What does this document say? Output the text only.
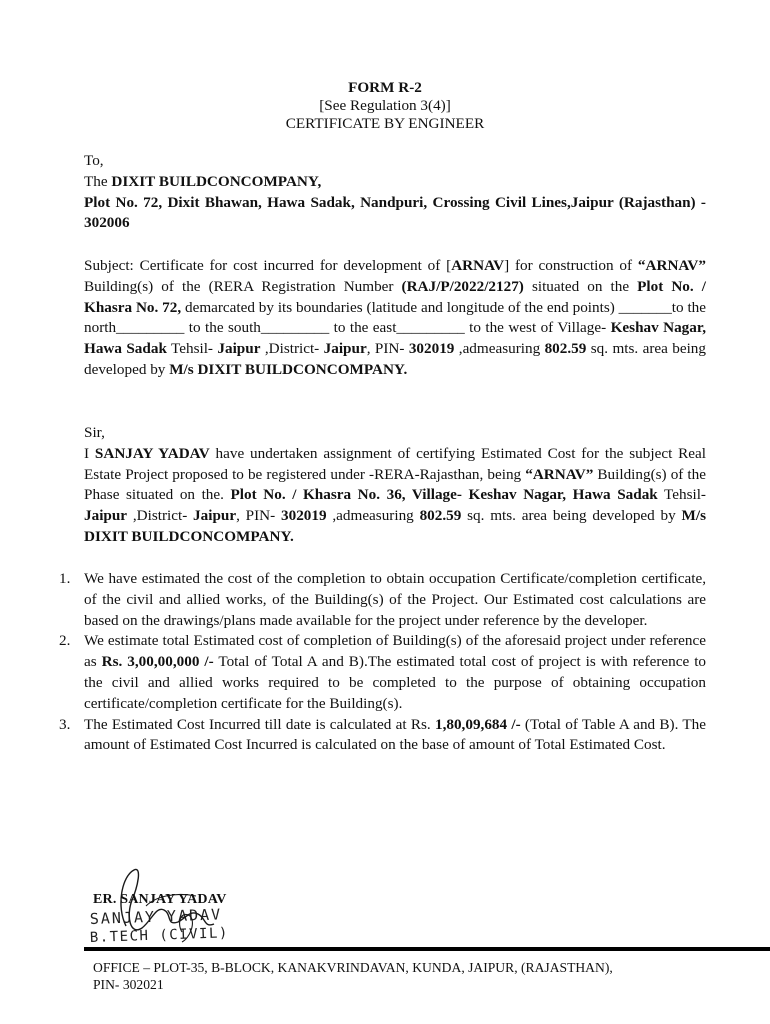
FORM R-2
[See Regulation 3(4)]
CERTIFICATE BY ENGINEER

To,

The DIXIT BUILDCONCOMPANY,

Plot No. 72, Dixit Bhawan, Hawa Sadak, Nandpuri, Crossing Civil Lines,Jaipur (Rajasthan) - 302006

Subject: Certificate for cost incurred for development of [ARNAV] for construction of “ARNAV” Building(s) of the (RERA Registration Number (RAJ/P/2022/2127) situated on the Plot No. / Khasra No. 72, demarcated by its boundaries (latitude and longitude of the end points) _______to the north_________ to the south_________ to the east_________ to the west of Village- Keshav Nagar, Hawa Sadak Tehsil- Jaipur ,District- Jaipur, PIN- 302019 ,admeasuring 802.59 sq. mts. area being developed by M/s DIXIT BUILDCONCOMPANY.

Sir,

I SANJAY YADAV have undertaken assignment of certifying Estimated Cost for the subject Real Estate Project proposed to be registered under -RERA-Rajasthan, being “ARNAV” Building(s) of the Phase situated on the. Plot No. / Khasra No. 36, Village- Keshav Nagar, Hawa Sadak Tehsil- Jaipur ,District- Jaipur, PIN- 302019 ,admeasuring 802.59 sq. mts. area being developed by M/s DIXIT BUILDCONCOMPANY.

1. We have estimated the cost of the completion to obtain occupation Certificate/completion certificate, of the civil and allied works, of the Building(s) of the Project. Our Estimated cost calculations are based on the drawings/plans made available for the project under reference by the developer.
2. We estimate total Estimated cost of completion of Building(s) of the aforesaid project under reference as Rs. 3,00,00,000 /- Total of Total A and B).The estimated total cost of project is with reference to the civil and allied works required to be completed to the purpose of obtaining occupation certificate/completion certificate for the Building(s).
3. The Estimated Cost Incurred till date is calculated at Rs. 1,80,09,684 /- (Total of Table A and B). The amount of Estimated Cost Incurred is calculated on the base of amount of Total Estimated Cost.
SANJAY YADAV
B.TECH (CIVIL)
ER. SANJAY YADAV
OFFICE – PLOT-35, B-BLOCK, KANAKVRINDAVAN, KUNDA, JAIPUR, (RAJASTHAN),
PIN- 302021
